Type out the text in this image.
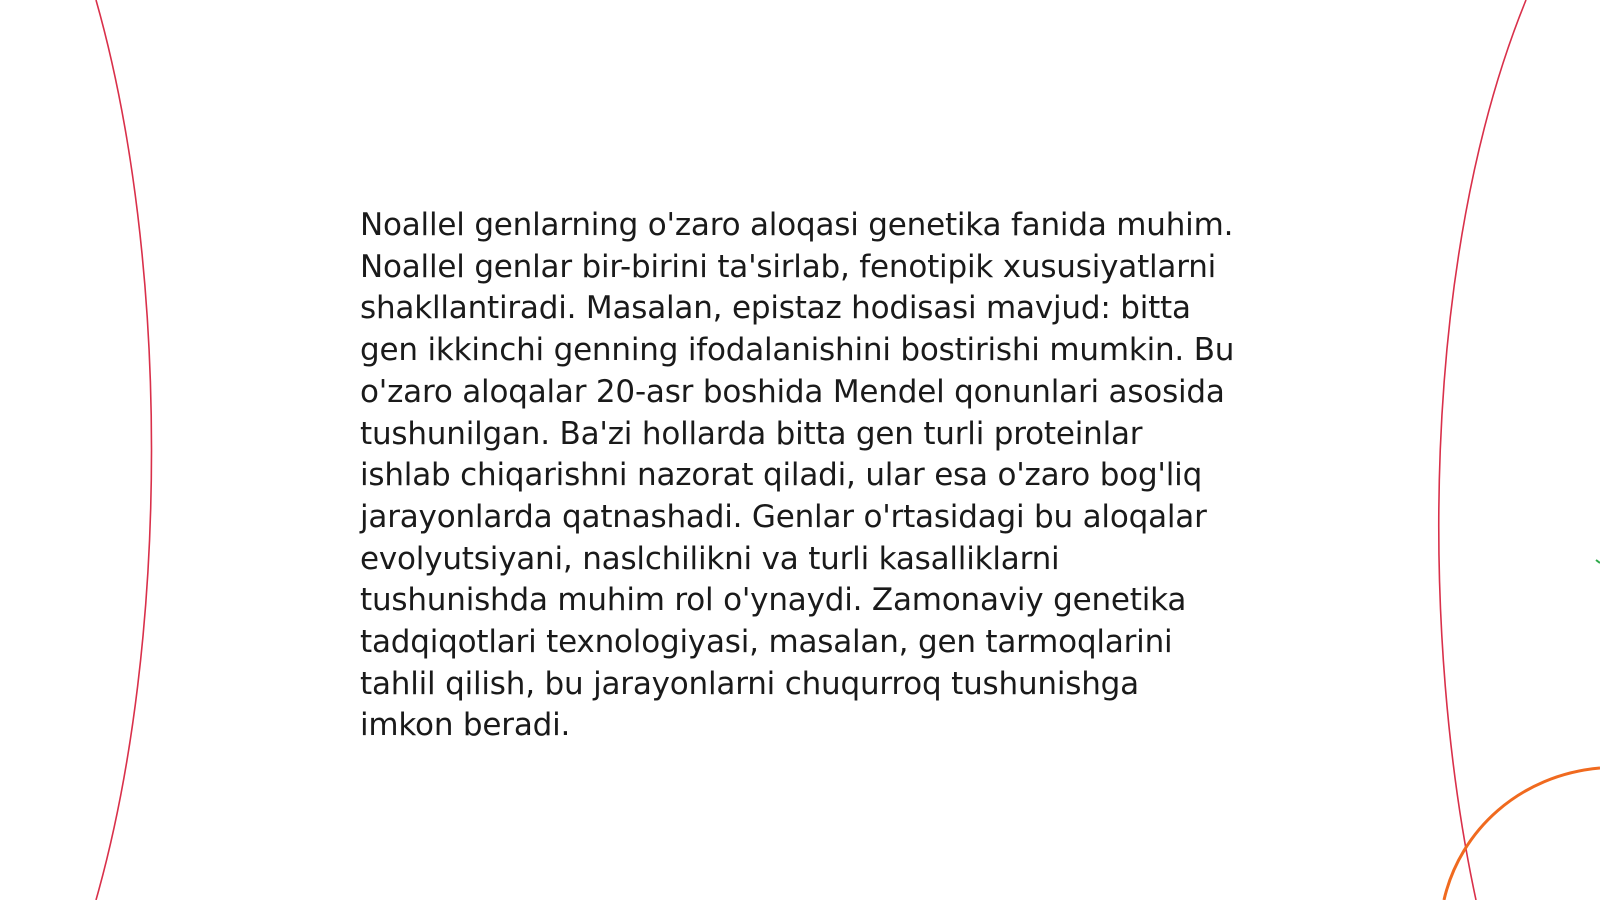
Noallel genlarning o'zaro aloqasi genetika fanida muhim. Noallel genlar bir-birini ta'sirlab, fenotipik xususiyatlarni shakllantiradi. Masalan, epistaz hodisasi mavjud: bitta gen ikkinchi genning ifodalanishini bostirishi mumkin. Bu o'zaro aloqalar 20-asr boshida Mendel qonunlari asosida tushunilgan. Ba'zi hollarda bitta gen turli proteinlar ishlab chiqarishni nazorat qiladi, ular esa o'zaro bog'liq jarayonlarda qatnashadi. Genlar o'rtasidagi bu aloqalar evolyutsiyani, naslchilikni va turli kasalliklarni tushunishda muhim rol o'ynaydi. Zamonaviy genetika tadqiqotlari texnologiyasi, masalan, gen tarmoqlarini tahlil qilish, bu jarayonlarni chuqurroq tushunishga imkon beradi.
